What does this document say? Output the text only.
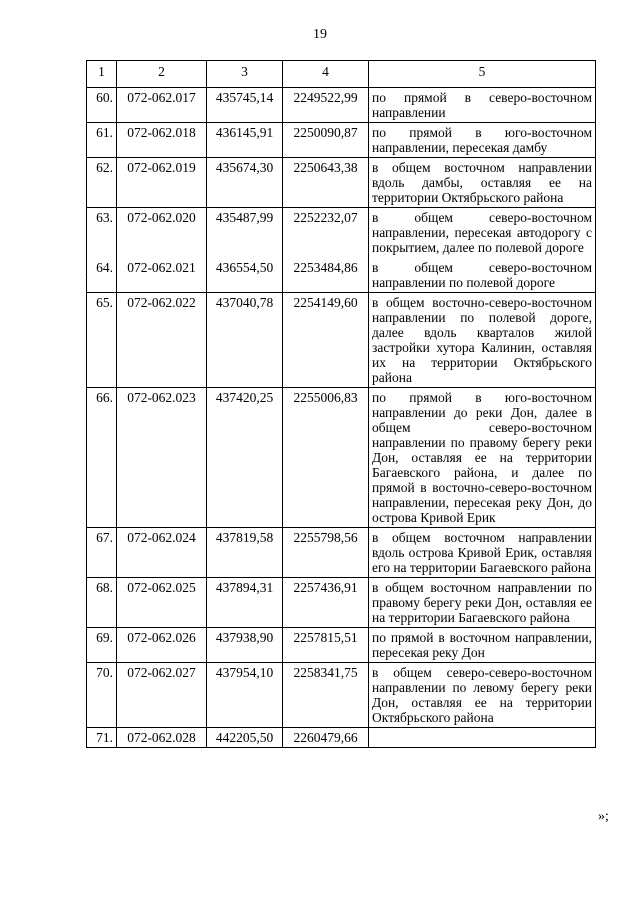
19
1	2	3	4	5
60.	072-062.017	435745,14	2249522,99	по прямой в северо-восточном направлении
61.	072-062.018	436145,91	2250090,87	по прямой в юго-восточном направлении, пересекая дамбу
62.	072-062.019	435674,30	2250643,38	в общем восточном направлении вдоль дамбы, оставляя ее на территории Октябрьского района
63.	072-062.020	435487,99	2252232,07	в общем северо-восточном направлении, пересекая автодорогу с покрытием, далее по полевой дороге
64.	072-062.021	436554,50	2253484,86	в общем северо-восточном направлении по полевой дороге
65.	072-062.022	437040,78	2254149,60	в общем восточно-северо-восточном направлении по полевой дороге, далее вдоль кварталов жилой застройки хутора Калинин, оставляя их на территории Октябрьского района
66.	072-062.023	437420,25	2255006,83	по прямой в юго-восточном направлении до реки Дон, далее в общем северо-восточном направлении по правому берегу реки Дон, оставляя ее на территории Багаевского района, и далее по прямой в восточно-северо-восточном направлении, пересекая реку Дон, до острова Кривой Ерик
67.	072-062.024	437819,58	2255798,56	в общем восточном направлении вдоль острова Кривой Ерик, оставляя его на территории Багаевского района
68.	072-062.025	437894,31	2257436,91	в общем восточном направлении по правому берегу реки Дон, оставляя ее на территории Багаевского района
69.	072-062.026	437938,90	2257815,51	по прямой в восточном направлении, пересекая реку Дон
70.	072-062.027	437954,10	2258341,75	в общем северо-северо-восточном направлении по левому берегу реки Дон, оставляя ее на территории Октябрьского района
71.	072-062.028	442205,50	2260479,66	
.
»;
